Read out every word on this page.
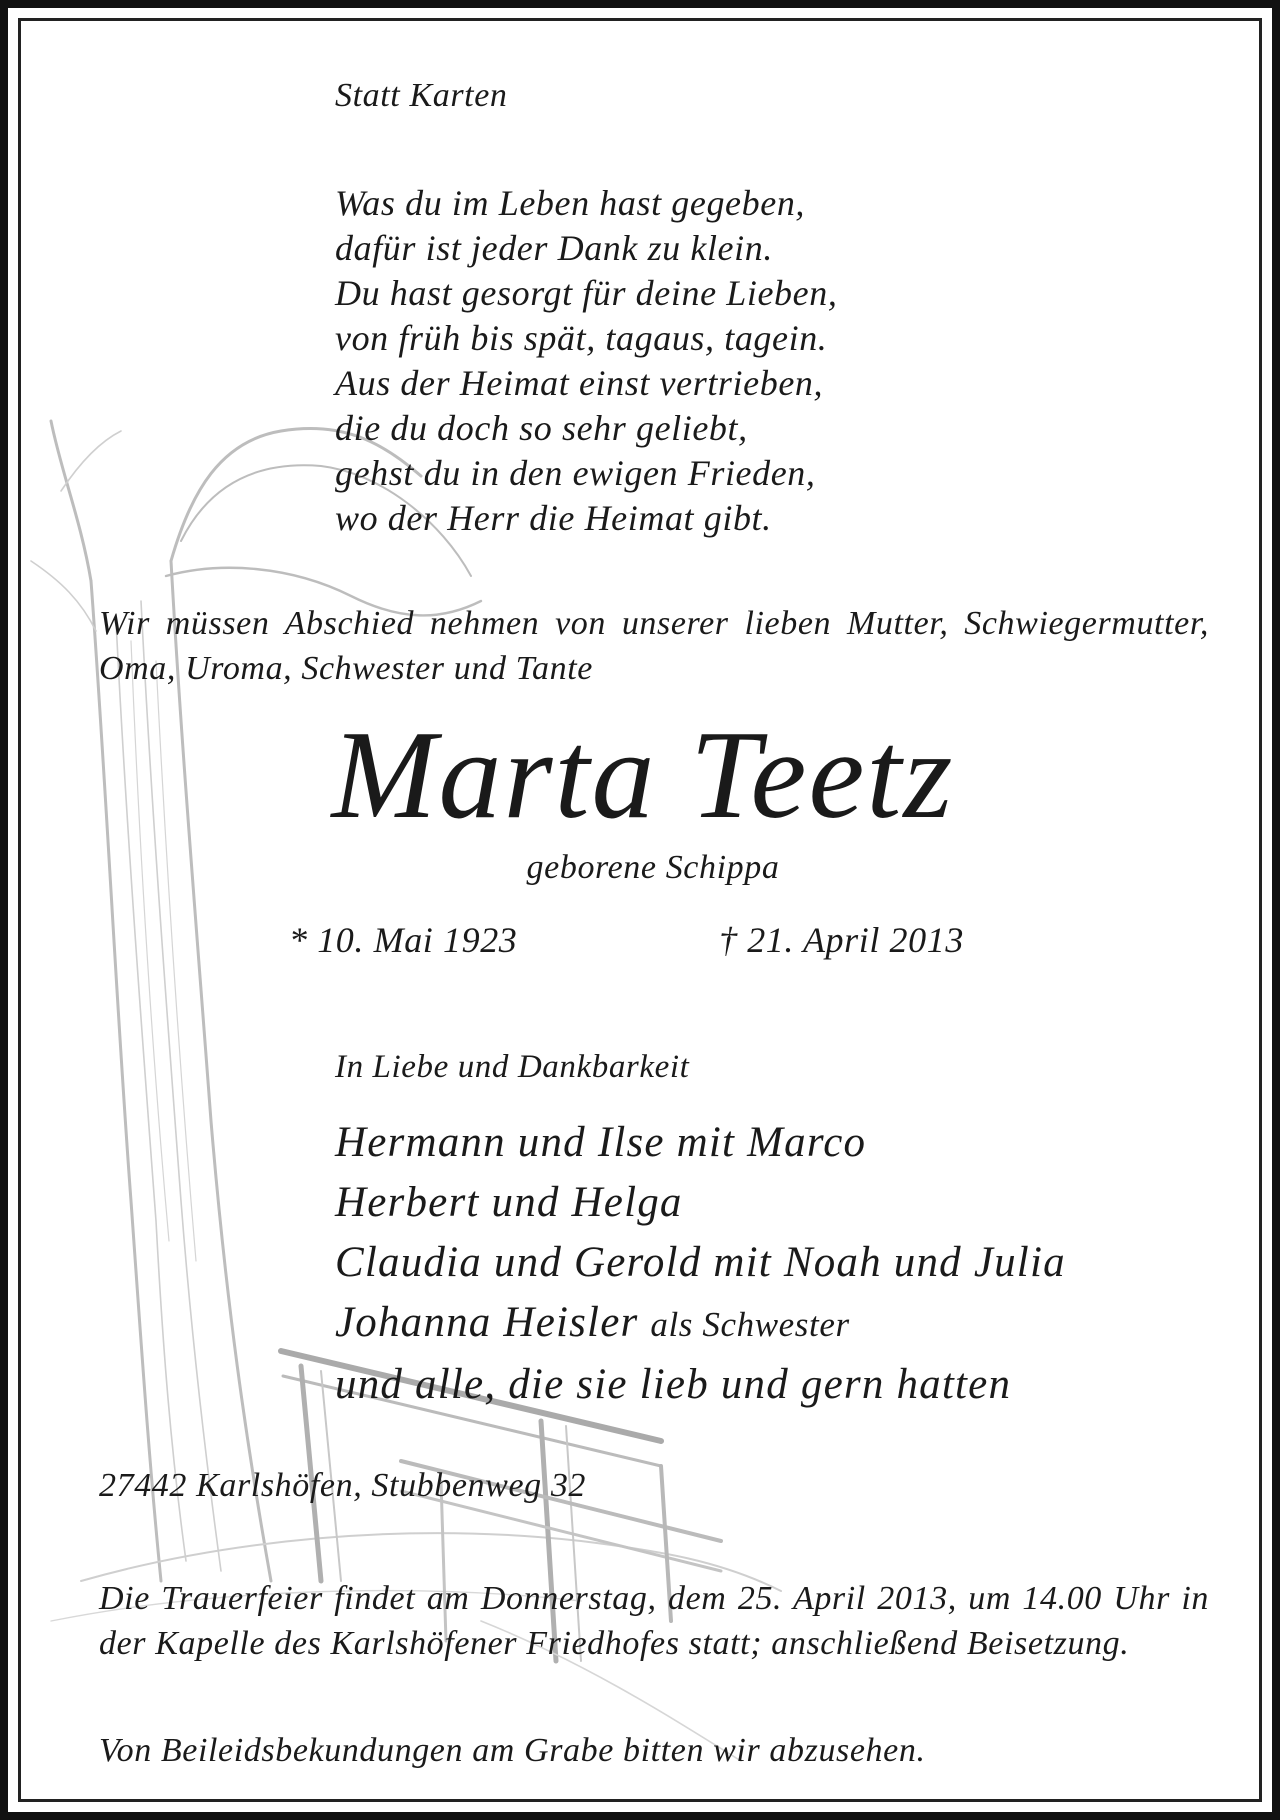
Statt Karten

Was du im Leben hast gegeben,
dafür ist jeder Dank zu klein.
Du hast gesorgt für deine Lieben,
von früh bis spät, tagaus, tagein.
Aus der Heimat einst vertrieben,
die du doch so sehr geliebt,
gehst du in den ewigen Frieden,
wo der Herr die Heimat gibt.

Wir müssen Abschied nehmen von unserer lieben Mutter, Schwiegermutter, Oma, Uroma, Schwester und Tante

Marta Teetz

geborene Schippa

* 10. Mai 1923	† 21. April 2013

In Liebe und Dankbarkeit

Hermann und Ilse mit Marco
Herbert und Helga
Claudia und Gerold mit Noah und Julia
Johanna Heisler als Schwester
und alle, die sie lieb und gern hatten

27442 Karlshöfen, Stubbenweg 32

Die Trauerfeier findet am Donnerstag, dem 25. April 2013, um 14.00 Uhr in der Kapelle des Karlshöfener Friedhofes statt; anschließend Beisetzung.

Von Beileidsbekundungen am Grabe bitten wir abzusehen.
